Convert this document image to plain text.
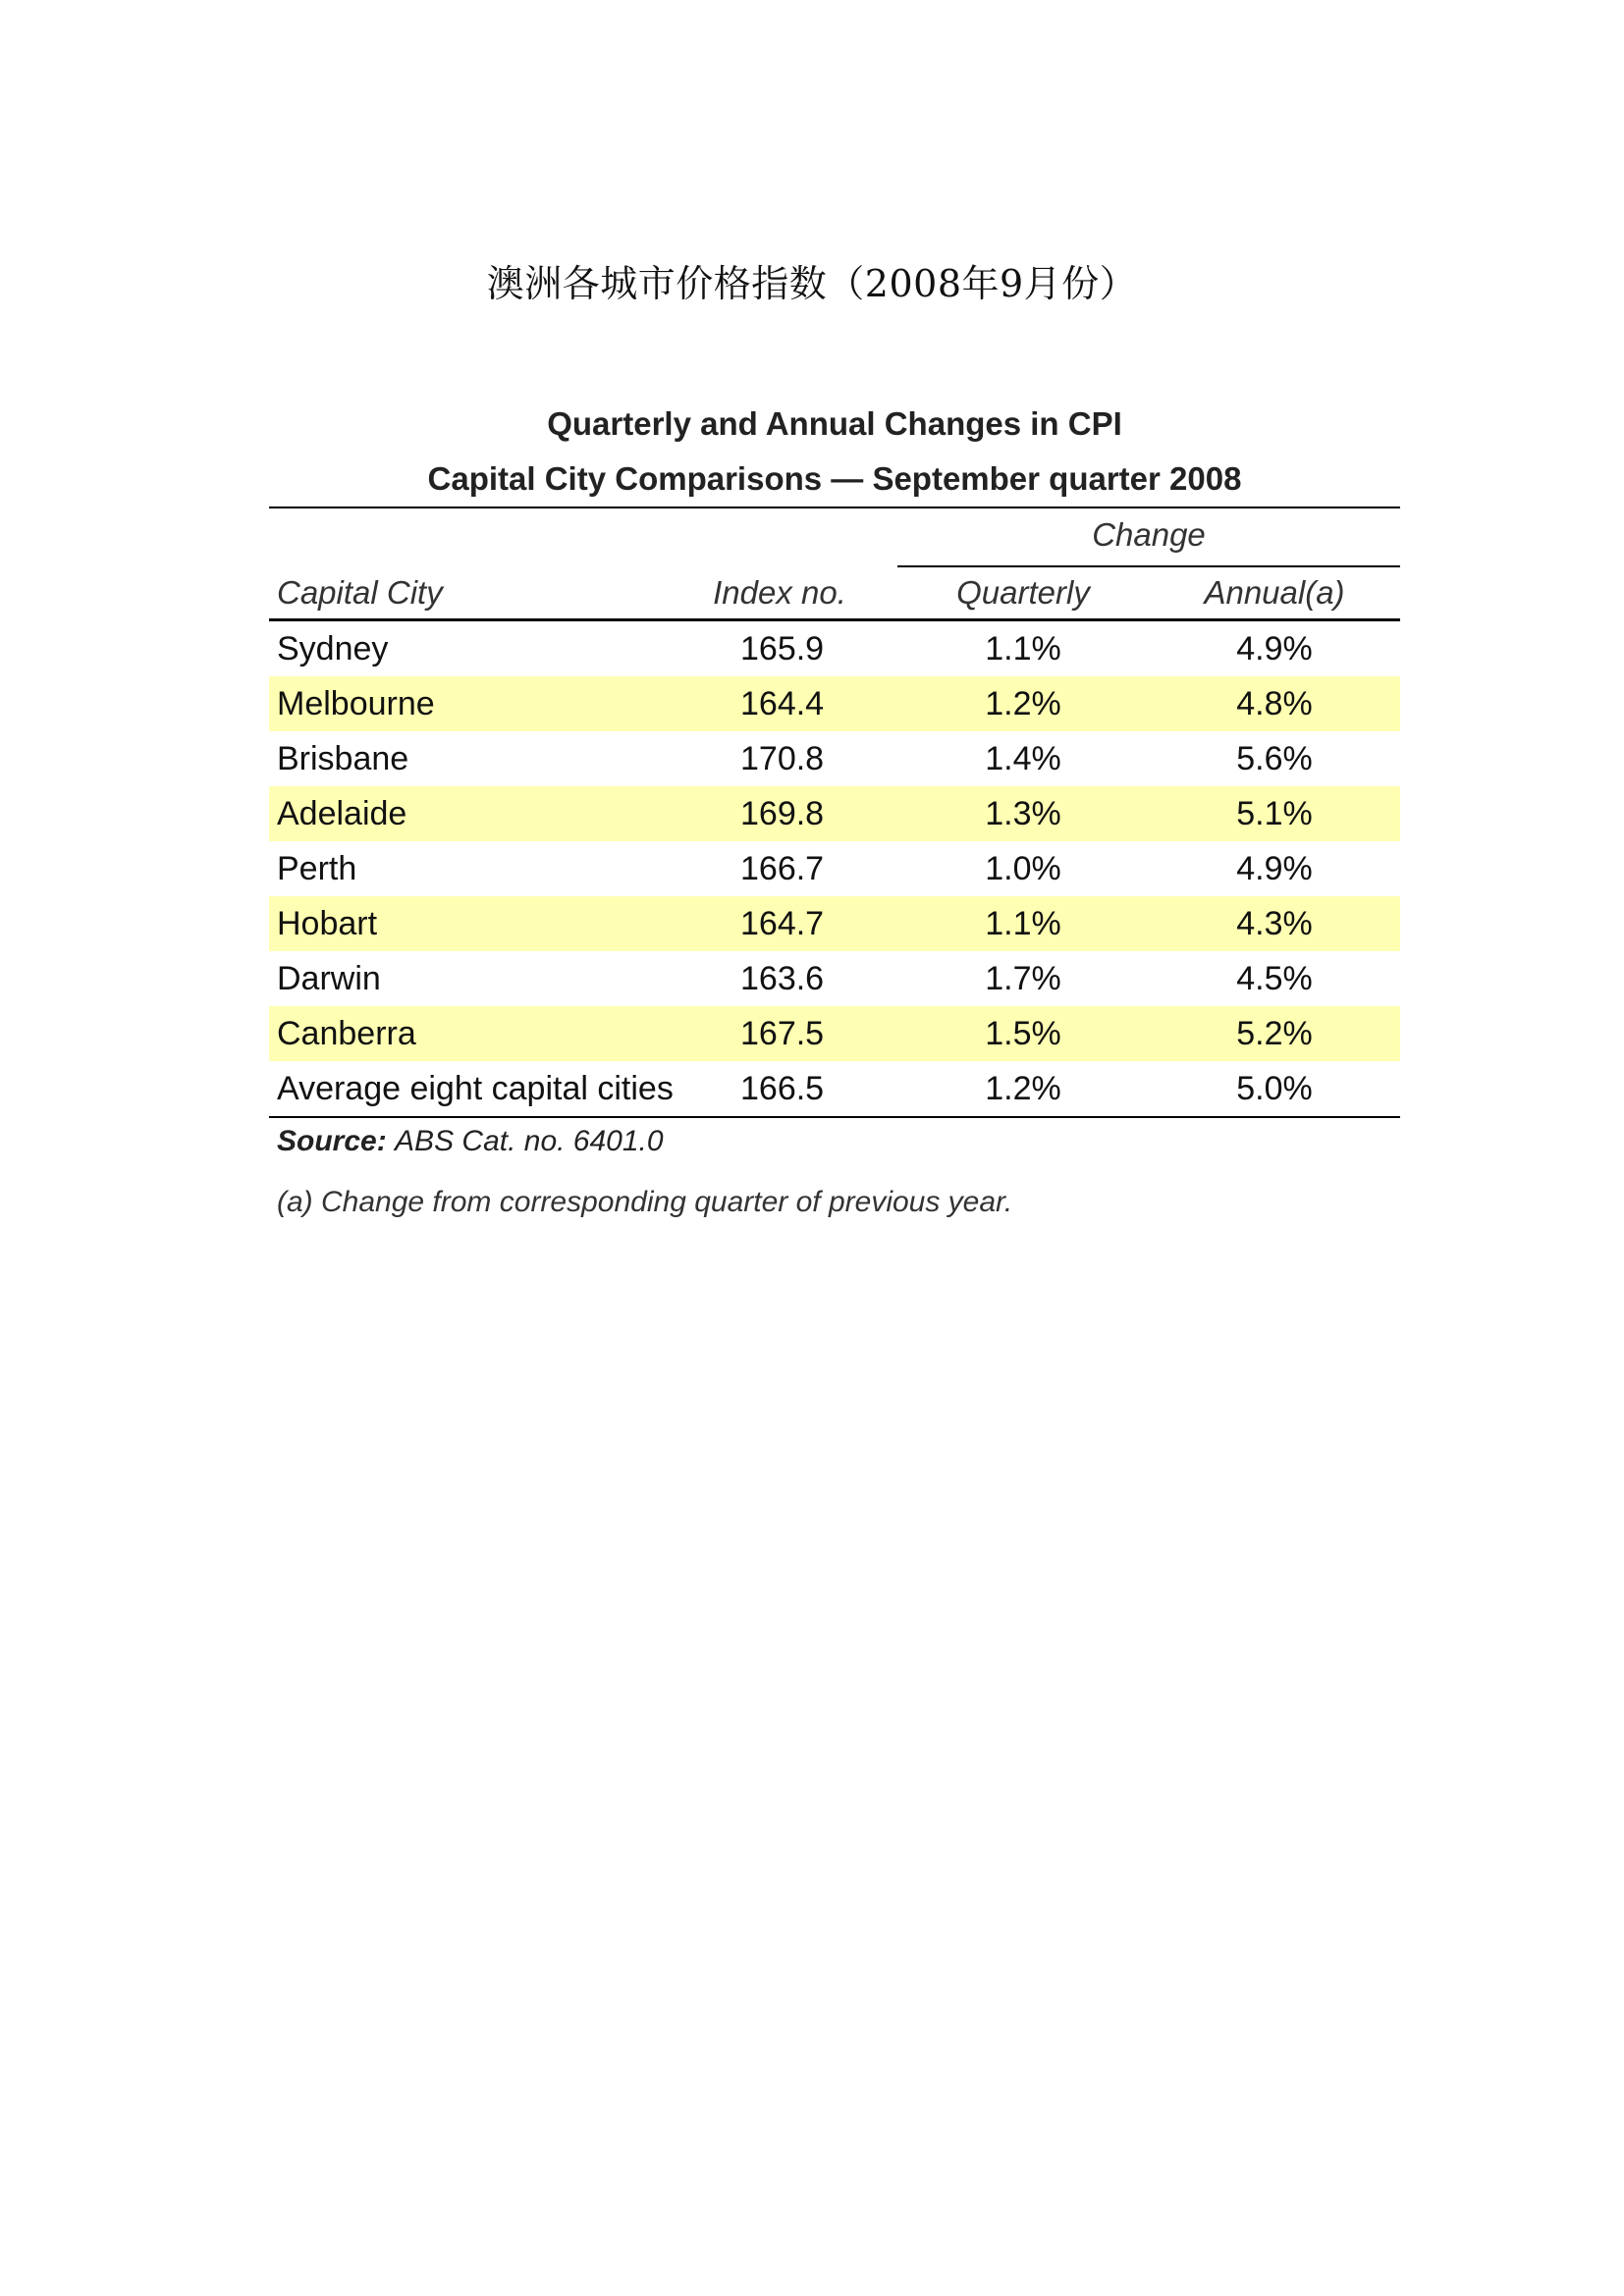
澳洲各城市价格指数（2008年9月份）
Quarterly and Annual Changes in CPI
Capital City Comparisons — September quarter 2008
Change
Capital City	Index no.	Quarterly	Annual(a)
Sydney	165.9	1.1%	4.9%
Melbourne	164.4	1.2%	4.8%
Brisbane	170.8	1.4%	5.6%
Adelaide	169.8	1.3%	5.1%
Perth	166.7	1.0%	4.9%
Hobart	164.7	1.1%	4.3%
Darwin	163.6	1.7%	4.5%
Canberra	167.5	1.5%	5.2%
Average eight capital cities 166.5	1.2%	5.0%
Source: ABS Cat. no. 6401.0
(a) Change from corresponding quarter of previous year.
